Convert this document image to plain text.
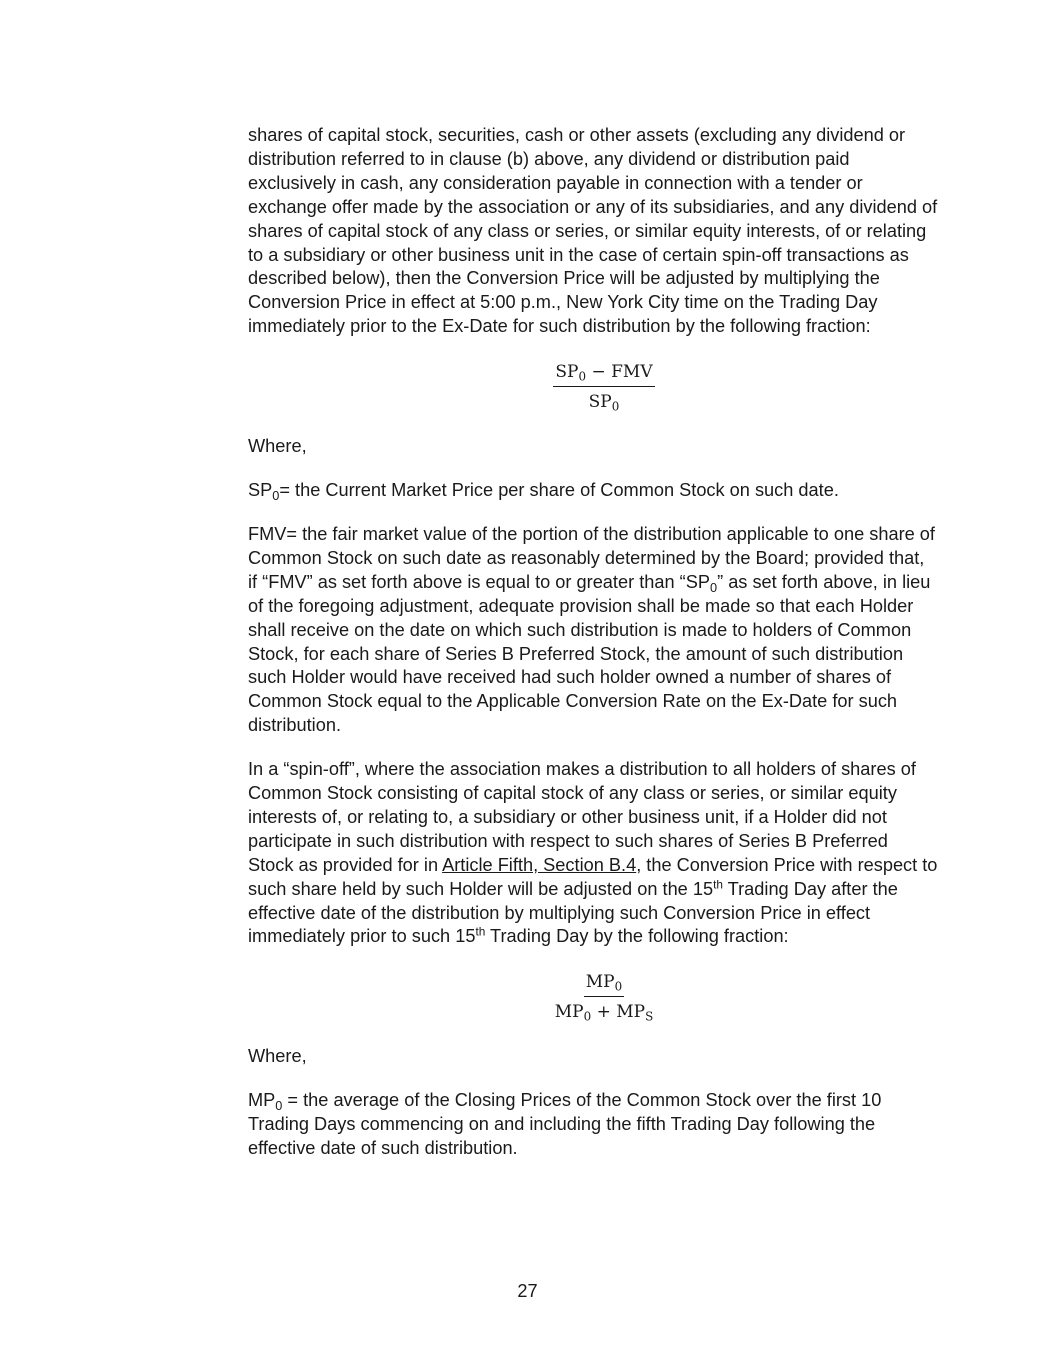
shares of capital stock, securities, cash or other assets (excluding any dividend or distribution referred to in clause (b) above, any dividend or distribution paid exclusively in cash, any consideration payable in connection with a tender or exchange offer made by the association or any of its subsidiaries, and any dividend of shares of capital stock of any class or series, or similar equity interests, of or relating to a subsidiary or other business unit in the case of certain spin-off transactions as described below), then the Conversion Price will be adjusted by multiplying the Conversion Price in effect at 5:00 p.m., New York City time on the Trading Day immediately prior to the Ex-Date for such distribution by the following fraction:

$\frac{SP_0 - FMV}{SP_0}$

Where,

$SP_0=$ the Current Market Price per share of Common Stock on such date.

FMV= the fair market value of the portion of the distribution applicable to one share of Common Stock on such date as reasonably determined by the Board; provided that, if “FMV” as set forth above is equal to or greater than “$SP_0$” as set forth above, in lieu of the foregoing adjustment, adequate provision shall be made so that each Holder shall receive on the date on which such distribution is made to holders of Common Stock, for each share of Series B Preferred Stock, the amount of such distribution such Holder would have received had such holder owned a number of shares of Common Stock equal to the Applicable Conversion Rate on the Ex-Date for such distribution.

In a “spin-off”, where the association makes a distribution to all holders of shares of Common Stock consisting of capital stock of any class or series, or similar equity interests of, or relating to, a subsidiary or other business unit, if a Holder did not participate in such distribution with respect to such shares of Series B Preferred Stock as provided for in Article Fifth, Section B.4, the Conversion Price with respect to such share held by such Holder will be adjusted on the 15th Trading Day after the effective date of the distribution by multiplying such Conversion Price in effect immediately prior to such 15th Trading Day by the following fraction:

$\frac{MP_0}{MP_0 + MP_S}$

Where,

$MP_0$ = the average of the Closing Prices of the Common Stock over the first 10 Trading Days commencing on and including the fifth Trading Day following the effective date of such distribution.

27
